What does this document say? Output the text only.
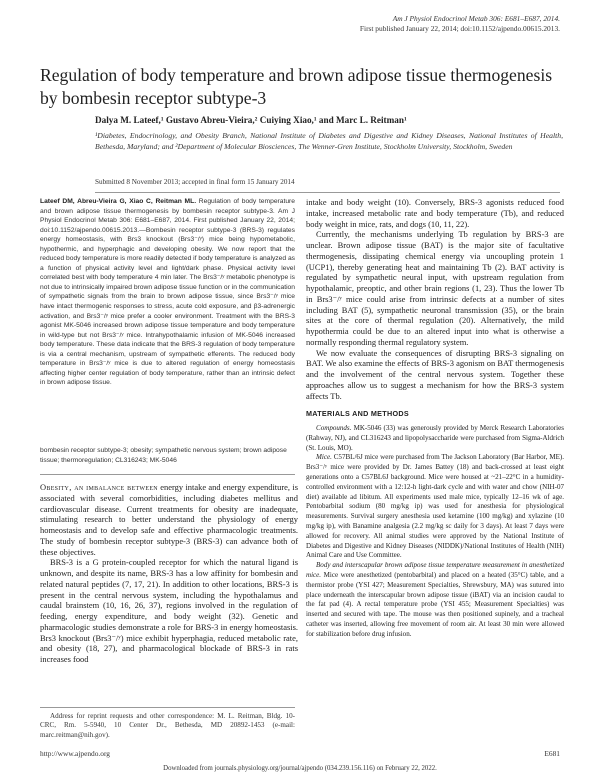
Am J Physiol Endocrinol Metab 306: E681–E687, 2014.
First published January 22, 2014; doi:10.1152/ajpendo.00615.2013.
Regulation of body temperature and brown adipose tissue thermogenesis by bombesin receptor subtype-3
Dalya M. Lateef,¹ Gustavo Abreu-Vieira,² Cuiying Xiao,¹ and Marc L. Reitman¹
¹Diabetes, Endocrinology, and Obesity Branch, National Institute of Diabetes and Digestive and Kidney Diseases, National Institutes of Health, Bethesda, Maryland; and ²Department of Molecular Biosciences, The Wenner-Gren Institute, Stockholm University, Stockholm, Sweden
Submitted 8 November 2013; accepted in final form 15 January 2014
Lateef DM, Abreu-Vieira G, Xiao C, Reitman ML. Regulation of body temperature and brown adipose tissue thermogenesis by bombesin receptor subtype-3. Am J Physiol Endocrinol Metab 306: E681–E687, 2014. First published January 22, 2014; doi:10.1152/ajpendo.00615.2013.—Bombesin receptor subtype-3 (BRS-3) regulates energy homeostasis, with Brs3 knockout (Brs3⁻/ʸ) mice being hypometabolic, hypothermic, and hyperphagic and developing obesity. We now report that the reduced body temperature is more readily detected if body temperature is analyzed as a function of physical activity level and light/dark phase. Physical activity level correlated best with body temperature 4 min later. The Brs3⁻/ʸ metabolic phenotype is not due to intrinsically impaired brown adipose tissue function or in the communication of sympathetic signals from the brain to brown adipose tissue, since Brs3⁻/ʸ mice have intact thermogenic responses to stress, acute cold exposure, and β3-adrenergic activation, and Brs3⁻/ʸ mice prefer a cooler environment. Treatment with the BRS-3 agonist MK-5046 increased brown adipose tissue temperature and body temperature in wild-type but not Brs3⁻/ʸ mice. Intrahypothalamic infusion of MK-5046 increased body temperature. These data indicate that the BRS-3 regulation of body temperature is via a central mechanism, upstream of sympathetic efferents. The reduced body temperature in Brs3⁻/ʸ mice is due to altered regulation of energy homeostasis affecting higher center regulation of body temperature, rather than an intrinsic defect in brown adipose tissue.
bombesin receptor subtype-3; obesity; sympathetic nervous system; brown adipose tissue; thermoregulation; CL316243; MK-5046

Obesity, an imbalance between energy intake and energy expenditure, is associated with several comorbidities, including diabetes mellitus and cardiovascular disease. Current treatments for obesity are inadequate, stimulating research to better understand the physiology of energy homeostasis and to develop safe and effective pharmacologic treatments. The study of bombesin receptor subtype-3 (BRS-3) can advance both of these objectives.

BRS-3 is a G protein-coupled receptor for which the natural ligand is unknown, and despite its name, BRS-3 has a low affinity for bombesin and related natural peptides (7, 17, 21). In addition to other locations, BRS-3 is present in the central nervous system, including the hypothalamus and caudal brainstem (10, 16, 26, 37), regions involved in the regulation of feeding, energy expenditure, and body weight (32). Genetic and pharmacologic studies demonstrate a role for BRS-3 in energy homeostasis. Brs3 knockout (Brs3⁻/ʸ) mice exhibit hyperphagia, reduced metabolic rate, and obesity (18, 27), and pharmacological blockade of BRS-3 in rats increases food

Address for reprint requests and other correspondence: M. L. Reitman, Bldg. 10-CRC, Rm. 5-5940, 10 Center Dr., Bethesda, MD 20892-1453 (e-mail: marc.reitman@nih.gov).

intake and body weight (10). Conversely, BRS-3 agonists reduced food intake, increased metabolic rate and body temperature (Tb), and reduced body weight in mice, rats, and dogs (10, 11, 22).

Currently, the mechanisms underlying Tb regulation by BRS-3 are unclear. Brown adipose tissue (BAT) is the major site of facultative thermogenesis, dissipating chemical energy via uncoupling protein 1 (UCP1), thereby generating heat and maintaining Tb (2). BAT activity is regulated by sympathetic neural input, with upstream regulation from hypothalamic, preoptic, and other brain regions (1, 23). Thus the lower Tb in Brs3⁻/ʸ mice could arise from intrinsic defects at a number of sites including BAT (5), sympathetic neuronal transmission (35), or the brain sites at the core of thermal regulation (20). Alternatively, the mild hypothermia could be due to an altered input into what is otherwise a normally responding thermal regulatory system.

We now evaluate the consequences of disrupting BRS-3 signaling on BAT. We also examine the effects of BRS-3 agonism on BAT thermogenesis and the involvement of the central nervous system. Together these approaches allow us to suggest a mechanism for how the BRS-3 system affects Tb.

MATERIALS AND METHODS

Compounds. MK-5046 (33) was generously provided by Merck Research Laboratories (Rahway, NJ), and CL316243 and lipopolysaccharide were purchased from Sigma-Aldrich (St. Louis, MO).

Mice. C57BL/6J mice were purchased from The Jackson Laboratory (Bar Harbor, ME). Brs3⁻/ʸ mice were provided by Dr. James Battey (18) and back-crossed at least eight generations onto a C57BL6J background. Mice were housed at ~21–22°C in a humidity-controlled environment with a 12:12-h light-dark cycle and with water and chow (NIH-07 diet) available ad libitum. All experiments used male mice, typically 12–16 wk of age. Pentobarbital sodium (80 mg/kg ip) was used for anesthesia for physiological measurements. Survival surgery anesthesia used ketamine (100 mg/kg) and xylazine (10 mg/kg ip), with Banamine analgesia (2.2 mg/kg sc daily for 3 days). At least 7 days were allowed for recovery. All animal studies were approved by the National Institute of Diabetes and Digestive and Kidney Diseases (NIDDK)/National Institutes of Health (NIH) Animal Care and Use Committee.

Body and interscapular brown adipose tissue temperature measurement in anesthetized mice. Mice were anesthetized (pentobarbital) and placed on a heated (35°C) table, and a thermistor probe (YSI 427; Measurement Specialties, Shrewsbury, MA) was sutured into place underneath the interscapular brown adipose tissue (iBAT) via an incision caudal to the fat pad (4). A rectal temperature probe (YSI 455; Measurement Specialties) was inserted and secured with tape. The mouse was then positioned supinely, and a tracheal catheter was inserted, allowing free movement of room air. At least 30 min were allowed for stabilization before drug infusion.

http://www.ajpendo.org	E681
Downloaded from journals.physiology.org/journal/ajpendo (034.239.156.116) on February 22, 2022.
